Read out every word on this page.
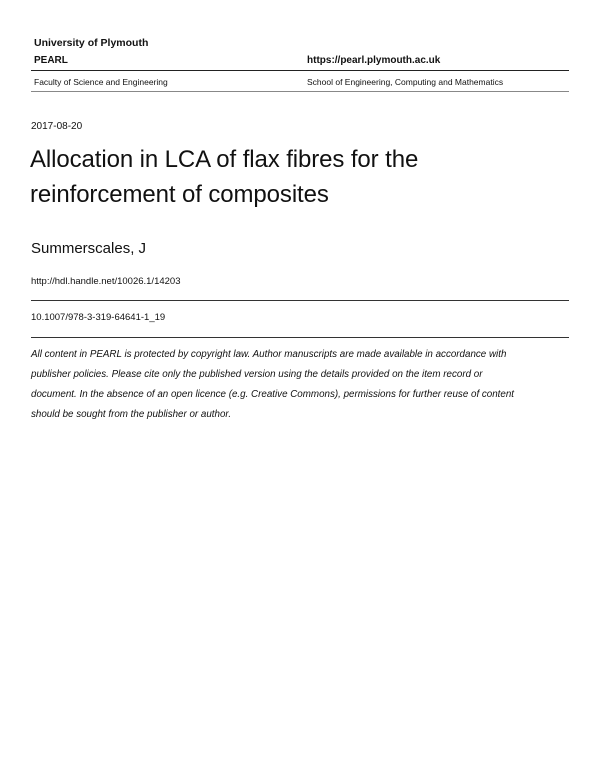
University of Plymouth
PEARL	https://pearl.plymouth.ac.uk
Faculty of Science and Engineering	School of Engineering, Computing and Mathematics
2017-08-20
Allocation in LCA of flax fibres for the
reinforcement of composites
Summerscales, J
http://hdl.handle.net/10026.1/14203
10.1007/978-3-319-64641-1_19

All content in PEARL is protected by copyright law. Author manuscripts are made available in accordance with
publisher policies. Please cite only the published version using the details provided on the item record or
document. In the absence of an open licence (e.g. Creative Commons), permissions for further reuse of content
should be sought from the publisher or author.
